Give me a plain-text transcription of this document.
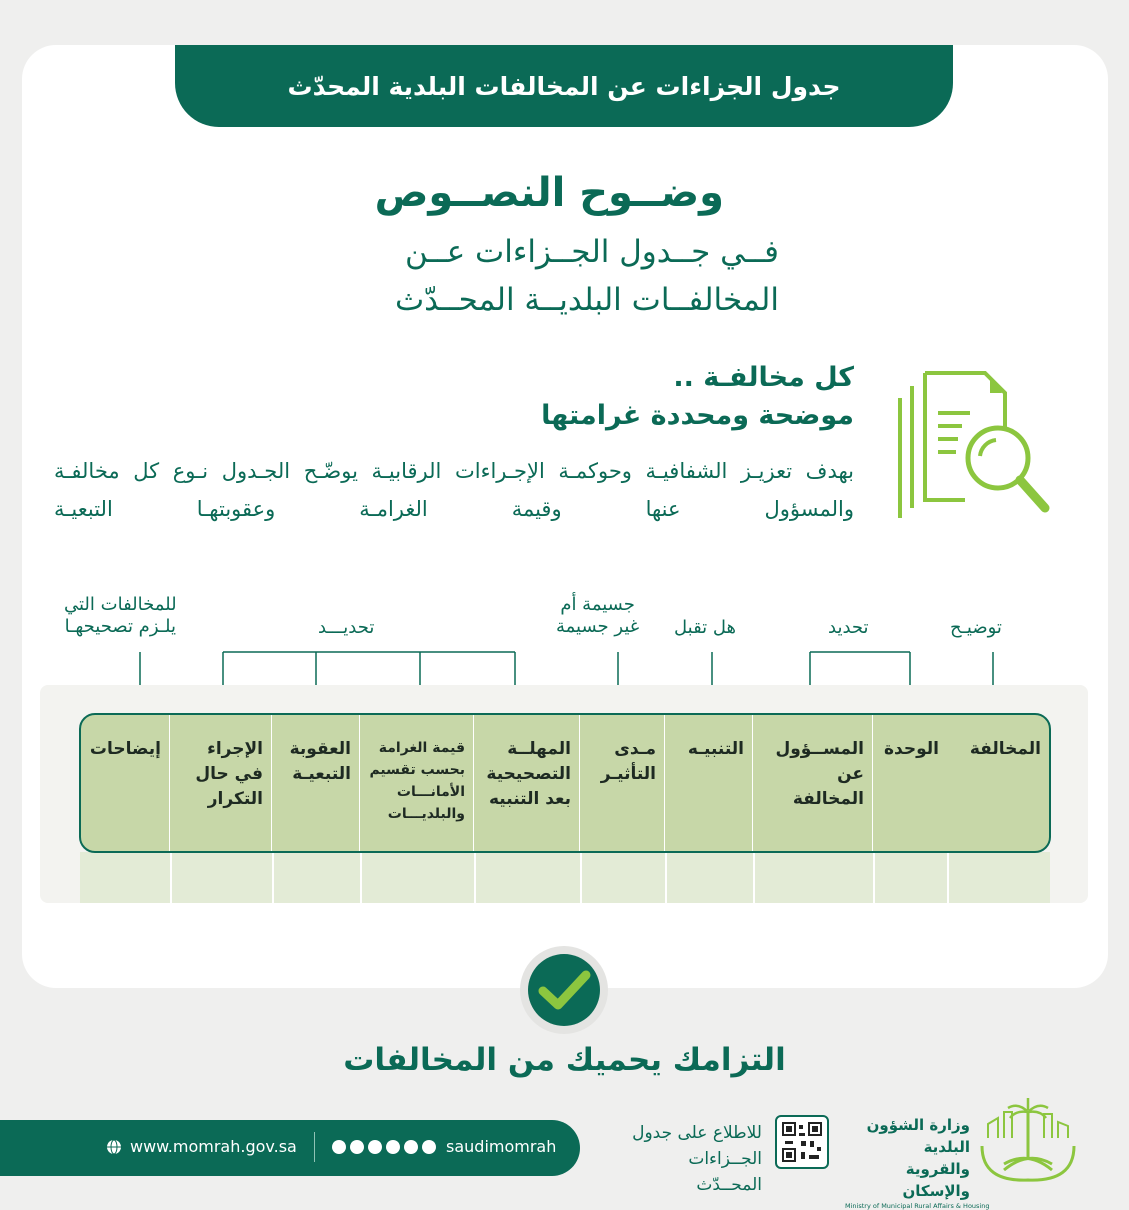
جدول الجزاءات عن المخالفات البلدية المحدّث
وضــوح النصــوص
فــي جــدول الجــزاءات عــن
المخالفــات البلديــة المحــدّث
كل مخالفـة ..
موضحة ومحددة غرامتها
بهدف تعزيـز الشفافيـة وحوكمـة الإجـراءات الرقابيـة يوضّـح الجـدول نـوع كل مخالفـة والمسؤول عنها وقيمة الغرامـة وعقوبتهـا التبعيـة
توضيـح
تحديد
هل تقبل
جسيمة أم
غير جسيمة
تحديـــد
للمخالفات التي
يلـزم تصحيحهـا
المخالفة
الوحدة
المســؤول عن المخالفة
التنبيـه
مـدى التأثيـر
المهلــة التصحيحية بعد التنبيه
قيمة الغرامة بحسب تقسيم الأمانـــات والبلديـــات
العقوبة التبعيـة
الإجراء في حال التكرار
إيضاحات
التزامك يحميك من المخالفات
www.momrah.gov.sa	saudimomrah
للاطلاع على جدول
الجــزاءات المحــدّث
وزارة الشؤون البلدية
والقروية والإسكان
Ministry of Municipal Rural Affairs & Housing
